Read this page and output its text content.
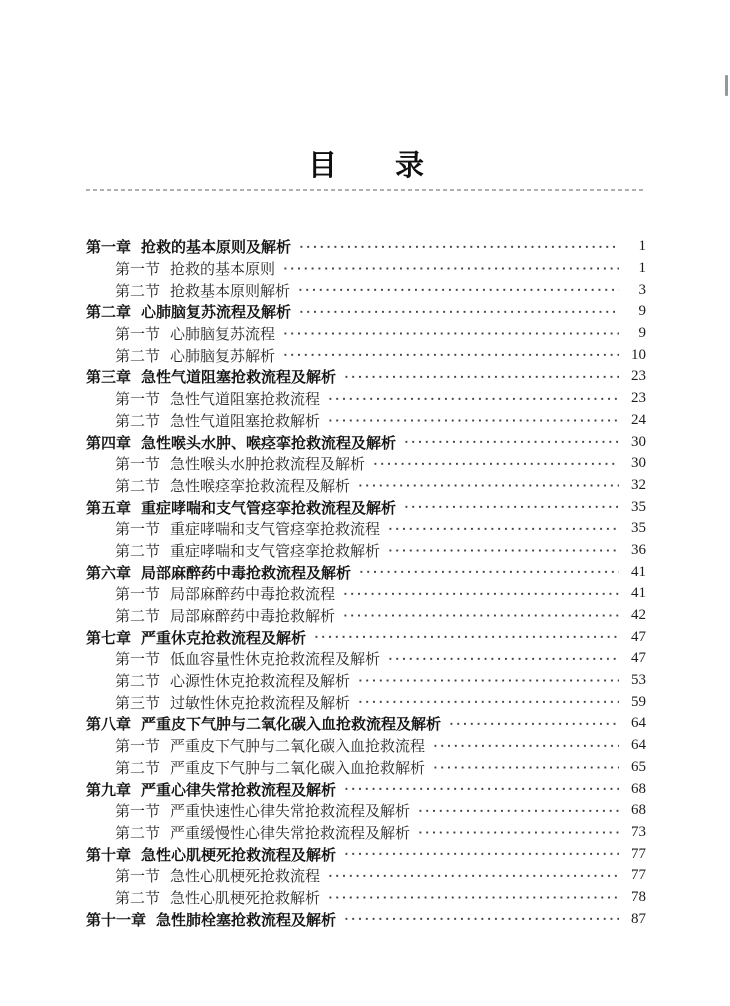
目　　录
第一章 抢救的基本原则及解析	1
第一节 抢救的基本原则	1
第二节 抢救基本原则解析	3
第二章 心肺脑复苏流程及解析	9
第一节 心肺脑复苏流程	9
第二节 心肺脑复苏解析	10
第三章 急性气道阻塞抢救流程及解析	23
第一节 急性气道阻塞抢救流程	23
第二节 急性气道阻塞抢救解析	24
第四章 急性喉头水肿、喉痉挛抢救流程及解析	30
第一节 急性喉头水肿抢救流程及解析	30
第二节 急性喉痉挛抢救流程及解析	32
第五章 重症哮喘和支气管痉挛抢救流程及解析	35
第一节 重症哮喘和支气管痉挛抢救流程	35
第二节 重症哮喘和支气管痉挛抢救解析	36
第六章 局部麻醉药中毒抢救流程及解析	41
第一节 局部麻醉药中毒抢救流程	41
第二节 局部麻醉药中毒抢救解析	42
第七章 严重休克抢救流程及解析	47
第一节 低血容量性休克抢救流程及解析	47
第二节 心源性休克抢救流程及解析	53
第三节 过敏性休克抢救流程及解析	59
第八章 严重皮下气肿与二氧化碳入血抢救流程及解析	64
第一节 严重皮下气肿与二氧化碳入血抢救流程	64
第二节 严重皮下气肿与二氧化碳入血抢救解析	65
第九章 严重心律失常抢救流程及解析	68
第一节 严重快速性心律失常抢救流程及解析	68
第二节 严重缓慢性心律失常抢救流程及解析	73
第十章 急性心肌梗死抢救流程及解析	77
第一节 急性心肌梗死抢救流程	77
第二节 急性心肌梗死抢救解析	78
第十一章 急性肺栓塞抢救流程及解析	87
